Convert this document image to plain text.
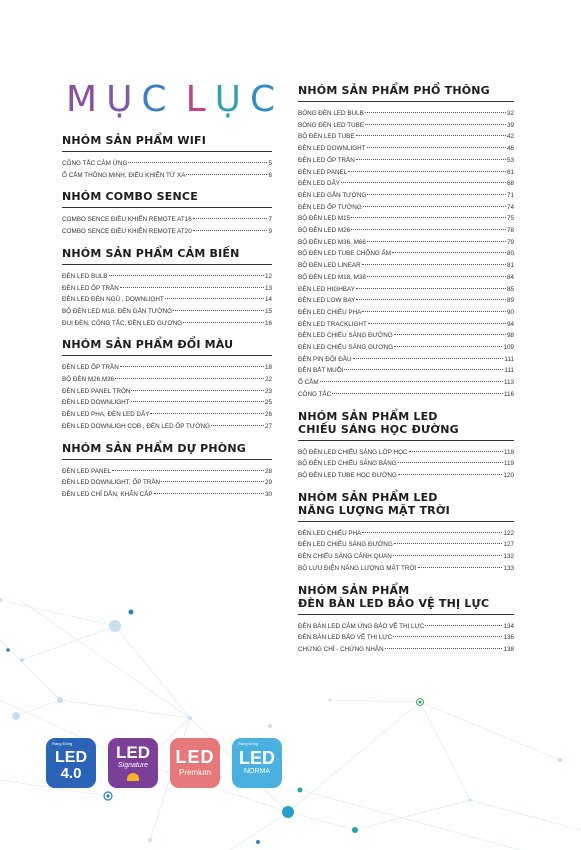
MỤC LỤC
NHÓM SẢN PHẨM WIFI
CÔNG TẮC CẢM ỨNG	5
Ổ CẮM THÔNG MINH, ĐIỀU KHIỂN TỪ XA	6
NHÓM COMBO SENCE
COMBO SENCE ĐIỀU KHIỂN REMOTE AT16	7
COMBO SENCE ĐIỀU KHIỂN REMOTE AT20	9
NHÓM SẢN PHẨM CẢM BIẾN
ĐÈN LED BULB	12
ĐÈN LED ỐP TRẦN	13
ĐÈN LED ĐÈN NGỦ , DOWNLIGHT	14
BỘ ĐÈN LED M18, ĐÈN GẮN TƯỜNG	15
ĐUI ĐÈN, CÔNG TẮC, ĐÈN LED GƯƠNG	16
NHÓM SẢN PHẨM ĐỔI MÀU
ĐÈN LED ỐP TRẦN	18
BỘ ĐÈN M26,M36	22
ĐÈN LED PANEL TRÒN	23
ĐÈN LED DOWNLIGHT	25
ĐÈN LED PHA, ĐÈN LED DÂY	26
ĐÈN LED DOWNLIGH COB , ĐÈN LED ỐP TƯỜNG	27
NHÓM SẢN PHẨM DỰ PHÒNG
ĐÈN LED PANEL	28
ĐÈN LED DOWNLIGHT, ỐP TRẦN	29
ĐÈN LED CHỈ DẪN, KHẨN CẤP	30
NHÓM SẢN PHẨM PHỔ THÔNG
BÓNG ĐÈN LED BULB	32
BÓNG ĐÈN LED TUBE	39
BỘ ĐÈN LED TUBE	42
ĐÈN LED DOWNLIGHT	46
ĐÈN LED ỐP TRẦN	53
ĐÈN LED PANEL	61
ĐÈN LED DÂY	68
ĐÈN LED GẮN TƯỜNG	71
ĐÈN LED ỐP TƯỜNG	74
BỘ ĐÈN LED M15	75
BỘ ĐÈN LED M26	78
BỘ ĐÈN LED M36, M66	79
BỘ ĐÈN LED TUBE CHỐNG ẨM	80
BỘ ĐÈN LED LINEAR	81
BỘ ĐÈN LED M18, M38	84
ĐÈN LED HIGHBAY	85
ĐÈN LED LOW BAY	89
ĐÈN LED CHIẾU PHA	90
ĐÈN LED TRACKLIGHT	94
ĐÈN LED CHIẾU SÁNG ĐƯỜNG	98
ĐÈN LED CHIẾU SÁNG GƯƠNG	109
ĐÈN PIN ĐỘI ĐẦU	111
ĐÈN BẮT MUỖI	111
Ổ CẮM	113
CÔNG TẮC	116
NHÓM SẢN PHẨM LED
CHIẾU SÁNG HỌC ĐƯỜNG
BỘ ĐÈN LED CHIẾU SÁNG LỚP HỌC	118
BỘ ĐÈN LED CHIẾU SÁNG BẢNG	119
BỘ ĐÈN LED TUBE HỌC ĐƯỜNG	120
NHÓM SẢN PHẨM LED
NĂNG LƯỢNG MẶT TRỜI
ĐÈN LED CHIẾU PHA	122
ĐÈN LED CHIẾU SÁNG ĐƯỜNG	127
ĐÈN CHIẾU SÁNG CẢNH QUAN	132
BỘ LƯU ĐIỆN NĂNG LƯỢNG MẶT TRỜI	133
NHÓM SẢN PHẨM
ĐÈN BÀN LED BẢO VỆ THỊ LỰC
ĐÈN BÀN LED CẢM ỨNG BẢO VỆ THỊ LỰC	134
ĐÈN BÀN LED BẢO VỆ THỊ LỰC	136
CHỨNG CHỈ - CHỨNG NHẬN	138
Rạng Đông
LED
4.0
LED
Signature	LED
Premium
Rạng Đông
LED
NORMA
